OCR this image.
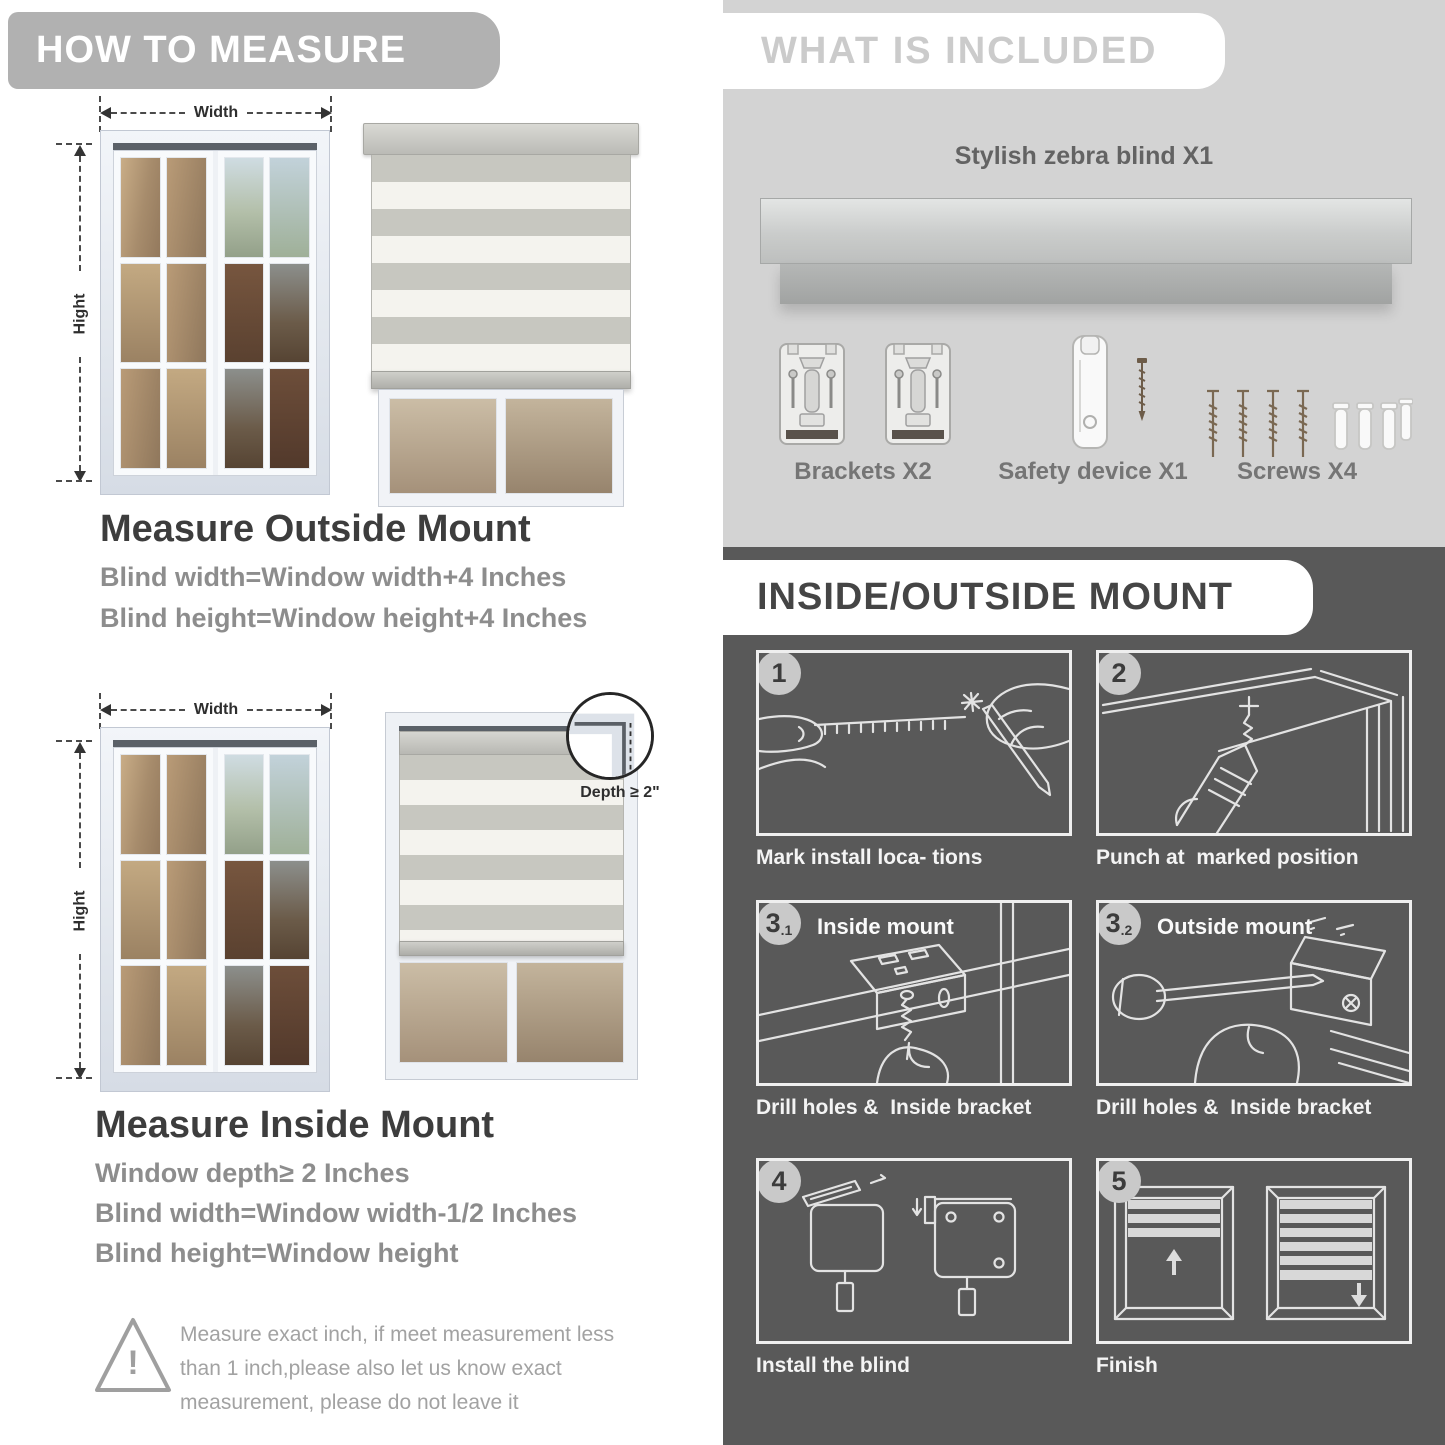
HOW TO MEASURE
Width
Hight
Measure Outside Mount
Blind width=Window width+4 Inches
Blind height=Window height+4 Inches
Width
Hight
Depth ≥ 2"
Measure Inside Mount
Window depth≥ 2 Inches
Blind width=Window width-1/2 Inches
Blind height=Window height
!
Measure exact inch, if meet measurement less than 1 inch,please also let us know exact measurement, please do not leave it
WHAT IS INCLUDED
Stylish zebra blind X1
Brackets X2	Safety device X1	Screws X4
INSIDE/OUTSIDE MOUNT
1	2
Mark install loca- tions	Punch at  marked position
3 .1 Inside mount	3 .2 Outside mount
Drill holes &  Inside bracket	Drill holes &  Inside bracket
4	5
Install the blind	Finish
